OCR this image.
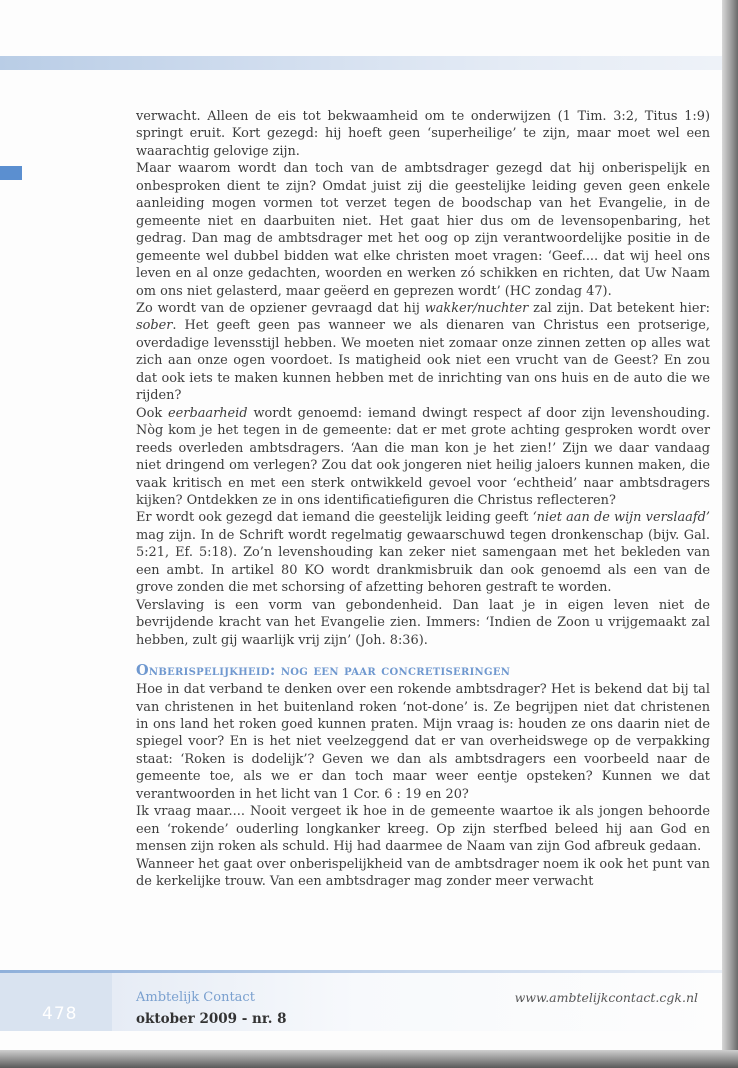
verwacht. Alleen de eis tot bekwaamheid om te onderwijzen (1 Tim. 3:2, Titus 1:9) springt eruit. Kort gezegd: hij hoeft geen ‘superheilige’ te zijn, maar moet wel een waarachtig gelovige zijn.

Maar waarom wordt dan toch van de ambtsdrager gezegd dat hij onberispelijk en onbesproken dient te zijn? Omdat juist zij die geestelijke leiding geven geen enkele aanleiding mogen vormen tot verzet tegen de boodschap van het Evangelie, in de gemeente niet en daarbuiten niet. Het gaat hier dus om de levensopenbaring, het gedrag. Dan mag de ambtsdrager met het oog op zijn verantwoordelijke positie in de gemeente wel dubbel bidden wat elke christen moet vragen: ‘Geef.... dat wij heel ons leven en al onze gedachten, woorden en werken zó schikken en richten, dat Uw Naam om ons niet gelasterd, maar geëerd en geprezen wordt’ (HC zondag 47).

Zo wordt van de opziener gevraagd dat hij wakker/nuchter zal zijn. Dat betekent hier: sober. Het geeft geen pas wanneer we als dienaren van Christus een protserige, overdadige levensstijl hebben. We moeten niet zomaar onze zinnen zetten op alles wat zich aan onze ogen voordoet. Is matigheid ook niet een vrucht van de Geest? En zou dat ook iets te maken kunnen hebben met de inrichting van ons huis en de auto die we rijden?

Ook eerbaarheid wordt genoemd: iemand dwingt respect af door zijn levenshouding. Nòg kom je het tegen in de gemeente: dat er met grote achting gesproken wordt over reeds overleden ambtsdragers. ‘Aan die man kon je het zien!’ Zijn we daar vandaag niet dringend om verlegen? Zou dat ook jongeren niet heilig jaloers kunnen maken, die vaak kritisch en met een sterk ontwikkeld gevoel voor ‘echtheid’ naar ambtsdragers kijken? Ontdekken ze in ons identificatiefiguren die Christus reflecteren?

Er wordt ook gezegd dat iemand die geestelijk leiding geeft ‘niet aan de wijn verslaafd’ mag zijn. In de Schrift wordt regelmatig gewaarschuwd tegen dronkenschap (bijv. Gal. 5:21, Ef. 5:18). Zo’n levenshouding kan zeker niet samengaan met het bekleden van een ambt. In artikel 80 KO wordt drankmisbruik dan ook genoemd als een van de grove zonden die met schorsing of afzetting behoren gestraft te worden.

Verslaving is een vorm van gebondenheid. Dan laat je in eigen leven niet de bevrijdende kracht van het Evangelie zien. Immers: ‘Indien de Zoon u vrijgemaakt zal hebben, zult gij waarlijk vrij zijn’ (Joh. 8:36).

Onberispelijkheid: nog een paar concretiseringen

Hoe in dat verband te denken over een rokende ambtsdrager? Het is bekend dat bij tal van christenen in het buitenland roken ‘not-done’ is. Ze begrijpen niet dat christenen in ons land het roken goed kunnen praten. Mijn vraag is: houden ze ons daarin niet de spiegel voor? En is het niet veelzeggend dat er van overheidswege op de verpakking staat: ‘Roken is dodelijk’? Geven we dan als ambtsdragers een voorbeeld naar de gemeente toe, als we er dan toch maar weer eentje opsteken? Kunnen we dat verantwoorden in het licht van 1 Cor. 6 : 19 en 20?

Ik vraag maar.... Nooit vergeet ik hoe in de gemeente waartoe ik als jongen behoorde een ‘rokende’ ouderling longkanker kreeg. Op zijn sterfbed beleed hij aan God en mensen zijn roken als schuld. Hij had daarmee de Naam van zijn God afbreuk gedaan.

Wanneer het gaat over onberispelijkheid van de ambtsdrager noem ik ook het punt van de kerkelijke trouw. Van een ambtsdrager mag zonder meer verwacht

478
Ambtelijk Contact
oktober 2009 - nr. 8
www.ambtelijkcontact.cgk.nl
